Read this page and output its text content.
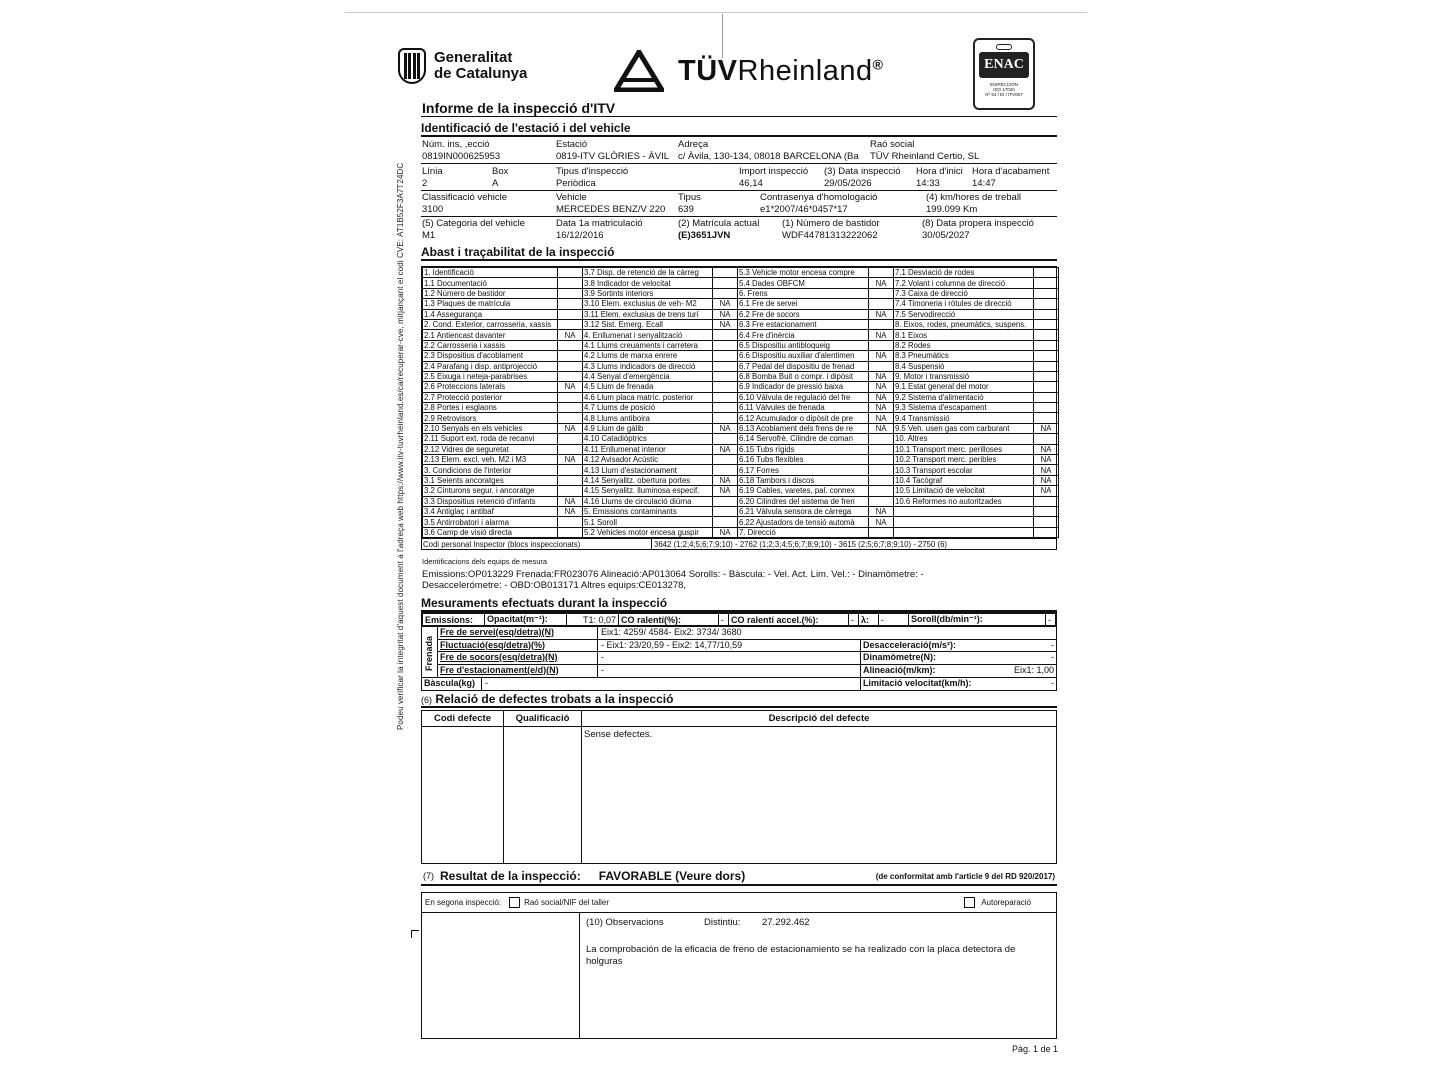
Podeu verificar la integritat d'aquest document a l'adreça web https://www.itv-tuvrheinland.es/ca/recuperar-cve, mitjançant el codi CVE: AT1B52F3A7T24DC
Generalitat
de Catalunya	TÜVRheinland®	ENAC
INSPECCIÓN
ISO 17020
Nº 54 / EI / ITV067
Informe de la inspecció d'ITV
Identificació de l'estació i del vehicle
Núm. ins, ,ecció
0819IN000625953
Estació
0819-ITV GLÒRIES - ÀVIL
Adreça
c/ Àvila, 130-134, 08018 BARCELONA (Ba
Raó social
TÜV Rheinland Certio, SL
Línia
2
Box
A
Tipus d'inspecció
Periòdica
Import inspecció
46,14
(3) Data inspecció
29/05/2026
Hora d'inici
14:33
Hora d'acabament
14:47
Classificació vehicle
3100
Vehicle
MERCEDES BENZ/V 220
Tipus
639
Contrasenya d'homologació
e1*2007/46*0457*17
(4) km/hores de treball
199.099 Km
(5) Categoria del vehicle
M1
Data 1a matriculació
16/12/2016
(2) Matrícula actual
(E)3651JVN
(1) Número de bastidor
WDF44781313222062
(8) Data propera inspecció
30/05/2027
Abast i traçabilitat de la inspecció
1. Identificació		3.7 Disp. de retenció de la càrreg		5.3 Vehicle motor encesa compre		7.1 Desviació de rodes	
1.1 Documentació		3.8 Indicador de velocitat		5.4 Dades OBFCM	NA	7.2 Volant i columna de direcció	
1.2 Número de bastidor		3.9 Sortints interiors		6. Frens		7.3 Caixa de direcció	
1.3 Plaques de matrícula		3.10 Elem. exclusius de veh- M2	NA	6.1 Fre de servei		7.4 Timoneria i ròtules de direcció	
1.4 Assegurança		3.11 Elem. exclusius de trens turí	NA	6.2 Fre de socors	NA	7.5 Servodirecció	
2. Cond. Exterior, carrosseria, xassis		3.12 Sist. Emerg. Ecall	NA	6.3 Fre estacionament		8. Eixos, rodes, pneumàtics, suspens.	
2.1 Antiencast davanter	NA	4. Enllumenat i senyalització		6.4 Fre d'inèrcia	NA	8.1 Eixos	
2.2 Carrosseria i xassis		4.1 Llums creuaments i carretera		6.5 Dispositiu antibloqueig		8.2 Rodes	
2.3 Dispositius d'acoblament		4.2 Llums de marxa enrere		6.6 Dispositiu auxiliar d'alentimen	NA	8.3 Pneumàtics	
2.4 Parafang i disp. antiprojecció		4.3 Llums indicadors de direcció		6.7 Pedal del dispositiu de frenad		8.4 Suspensió	
2.5 Eixuga i neteja-parabrises		4.4 Senyal d'emergència		6.8 Bomba Buit o compr. i dipòsit	NA	9. Motor i transmissió	
2.6 Proteccions laterals	NA	4.5 Llum de frenada		6.9 Indicador de pressió baixa	NA	9.1 Estat general del motor	
2.7 Protecció posterior		4.6 Llum placa matríc. posterior		6.10 Vàlvula de regulació del fre	NA	9.2 Sistema d'alimentació	
2.8 Portes i esglaons		4.7 Llums de posició		6.11 Vàlvules de frenada	NA	9.3 Sistema d'escapament	
2.9 Retrovisors		4.8 Llums antiboira		6.12 Acumulador o dipòsit de pre	NA	9.4 Transmissió	
2.10 Senyals en els vehicles	NA	4.9 Llum de gàlib	NA	6.13 Acoblament dels frens de re	NA	9.5 Veh. usen gas com carburant	NA
2.11 Suport ext. roda de recanvi		4.10 Catadiòptrics		6.14 Servofrè. Cilindre de coman		10. Altres	
2.12 Vidres de seguretat		4.11 Enllumenat interior	NA	6.15 Tubs rígids		10.1 Transport merc. perilloses	NA
2.13 Elem. excl. veh. M2 i M3	NA	4.12 Avisador Acústic		6.16 Tubs flexibles		10.2 Transport merc. peribles	NA
3. Condicions de l'interior		4.13 Llum d'estacionament		6.17 Forres		10.3 Transport escolar	NA
3.1 Seients ancoratges		4.14 Senyalitz. obertura portes	NA	6.18 Tambors i discos		10.4 Tacògraf	NA
3.2 Cinturons segur. i ancoratge		4.15 Senyalitz. lluminosa especif.	NA	6.19 Cables, varetes, pal. connex		10.5 Limitació de velocitat	NA
3.3 Dispositius retenció d'infants	NA	4.16 Llums de circulació diürna		6.20 Cilindres del sistema de fren		10.6 Reformes no autoritzades	
3.4 Antiglaç i antibaf	NA	5. Emissions contaminants		6.21 Vàlvula sensora de càrrega	NA		
3.5 Antirrobatori i alarma		5.1 Soroll		6.22 Ajustadors de tensió automà	NA		
3.6 Camp de visió directa		5.2 Vehicles motor encesa guspir	NA	7. Direcció			
Codi personal Inspector (blocs inspeccionats)	3642 (1;2;4;5;6;7;9;10) - 2762 (1;2;3;4;5;6;7;8;9;10) - 3615 (2;5;6;7;8;9;10) - 2750 (6)
Identificacions dels equips de mesura
Emissions:OP013229 Frenada:FR023076 Alineació:AP013064 Sorolls: - Bàscula: - Vel. Act. Lim. Vel.: - Dinamòmetre: -
Desaccelerómetre: - OBD:OB013171 Altres equips:CE013278,
Mesuraments efectuats durant la inspecció
Emissions:	Opacitat(m⁻¹):	T1: 0,07	CO ralentí(%):	-	CO ralentí accel.(%):	-	λ:	-	Soroll(db/min⁻¹):	-
Frenada
Fre de servei(esq/detra)(N)	Eix1: 4259/ 4584- Eix2: 3734/ 3680
Fluctuació(esq/detra)(%)	- Eix1: 23/20,59 - Eix2: 14,77/10,59	Desacceleració(m/s²):	-
Fre de socors(esq/detra)(N)	-	Dinamòmetre(N):	-
Fre d'estacionament(e/d)(N)	-	Alineació(m/km):	Eix1: 1,00
Bàscula(kg)	-	Limitació velocitat(km/h):	-
(6) Relació de defectes trobats a la inspecció
Codi defecte	Qualificació	Descripció del defecte
Sense defectes.
(7) Resultat de la inspecció: FAVORABLE (Veure dors)	(de conformitat amb l'article 9 del RD 920/2017)
En segona inspecció:	Raó social/NIF del taller	Autoreparació
(10) Observacions	Distintiu:	27.292.462
La comprobación de la eficacia de freno de estacionamiento se ha realizado con la placa detectora de holguras
Pàg. 1 de 1
